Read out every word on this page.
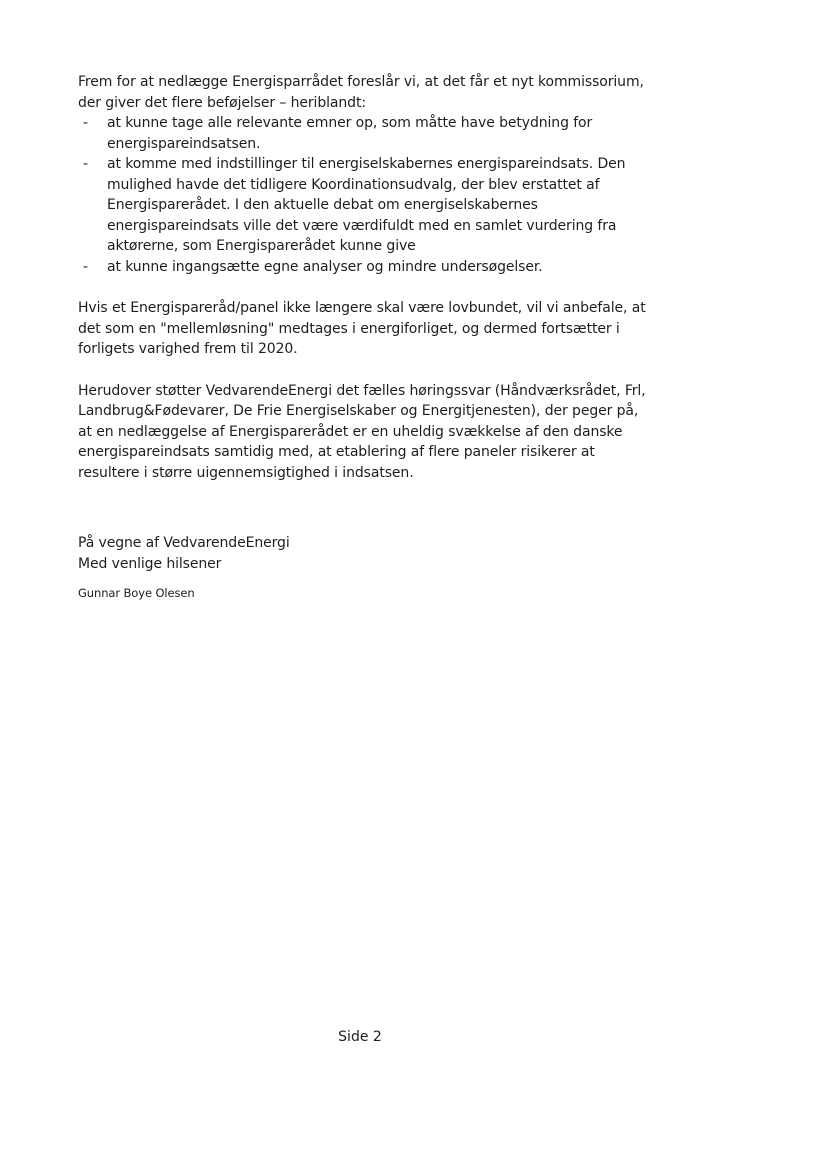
Frem for at nedlægge Energisparrådet foreslår vi, at det får et nyt kommissorium, der giver det flere beføjelser – heriblandt:

- at kunne tage alle relevante emner op, som måtte have betydning for energispareindsatsen.
- at komme med indstillinger til energiselskabernes energispareindsats. Den mulighed havde det tidligere Koordinationsudvalg, der blev erstattet af Energisparerådet. I den aktuelle debat om energiselskabernes energispareindsats ville det være værdifuldt med en samlet vurdering fra aktørerne, som Energisparerådet kunne give
- at kunne ingangsætte egne analyser og mindre undersøgelser.

Hvis et Energispareråd/panel ikke længere skal være lovbundet, vil vi anbefale, at det som en "mellemløsning" medtages i energiforliget, og dermed fortsætter i forligets varighed frem til 2020.

Herudover støtter VedvarendeEnergi det fælles høringssvar (Håndværksrådet, Frl, Landbrug&Fødevarer, De Frie Energiselskaber og Energitjenesten), der peger på, at en nedlæggelse af Energisparerådet er en uheldig svækkelse af den danske energispareindsats samtidig med, at etablering af flere paneler risikerer at resultere i større uigennemsigtighed i indsatsen.

På vegne af VedvarendeEnergi

Med venlige hilsener

Gunnar Boye Olesen

Side 2
